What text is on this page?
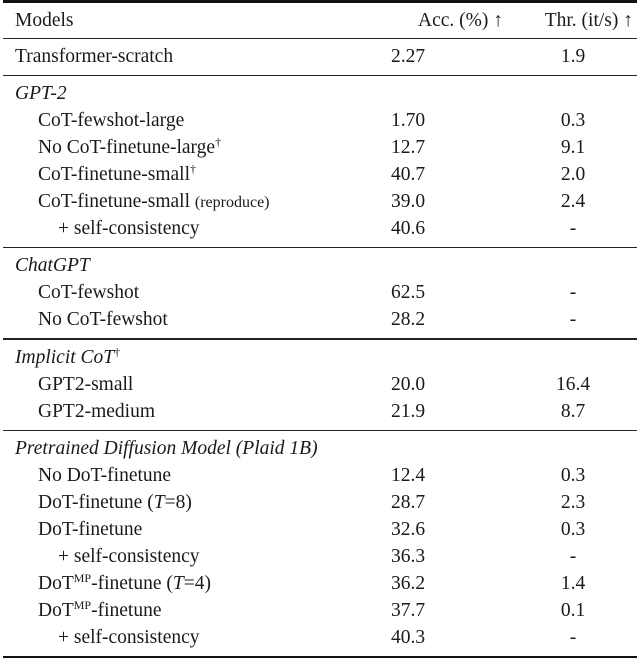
Models	Acc. (%) ↑	Thr. (it/s) ↑
Transformer-scratch	2.27	1.9
GPT-2
CoT-fewshot-large	1.70	0.3
No CoT-finetune-large†	12.7	9.1
CoT-finetune-small†	40.7	2.0
CoT-finetune-small (reproduce)	39.0	2.4
+ self-consistency	40.6	-
ChatGPT
CoT-fewshot	62.5	-
No CoT-fewshot	28.2	-
Implicit CoT†
GPT2-small	20.0	16.4
GPT2-medium	21.9	8.7
Pretrained Diffusion Model (Plaid 1B)
No DoT-finetune	12.4	0.3
DoT-finetune (T=8)	28.7	2.3
DoT-finetune	32.6	0.3
+ self-consistency	36.3	-
DoT$^{MP}$-finetune (T=4)	36.2	1.4
DoT$^{MP}$-finetune	37.7	0.1
+ self-consistency	40.3	-
